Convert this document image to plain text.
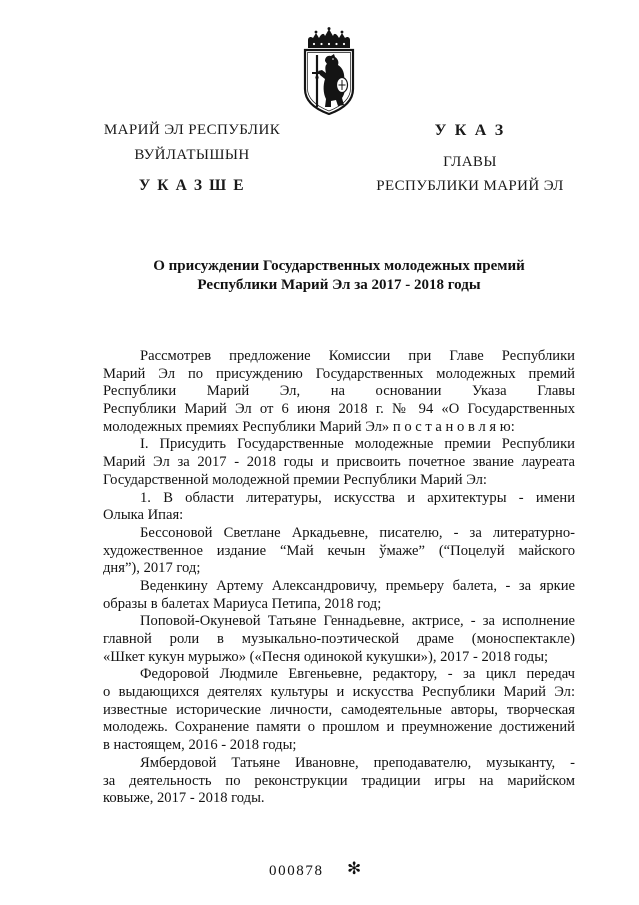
МАРИЙ ЭЛ РЕСПУБЛИК
ВУЙЛАТЫШЫН
У К А З Ш Е
У К А З
ГЛАВЫ
РЕСПУБЛИКИ МАРИЙ ЭЛ
О присуждении Государственных молодежных премий
Республики Марий Эл за 2017 - 2018 годы
Рассмотрев предложение Комиссии при Главе Республики
Марий Эл по присуждению Государственных молодежных премий
Республики Марий Эл, на основании Указа Главы
Республики Марий Эл от 6 июня 2018 г. № 94 «О Государственных
молодежных премиях Республики Марий Эл» п о с т а н о в л я ю:
I. Присудить Государственные молодежные премии Республики
Марий Эл за 2017 - 2018 годы и присвоить почетное звание лауреата
Государственной молодежной премии Республики Марий Эл:
1. В области литературы, искусства и архитектуры - имени
Олыка Ипая:
Бессоновой Светлане Аркадьевне, писателю, - за литературно-
художественное издание “Май кечын ўмаже” (“Поцелуй майского
дня”), 2017 год;
Веденкину Артему Александровичу, премьеру балета, - за яркие
образы в балетах Мариуса Петипа, 2018 год;
Поповой-Окуневой Татьяне Геннадьевне, актрисе, - за исполнение
главной роли в музыкально-поэтической драме (моноспектакле)
«Шкет кукун мурыжо» («Песня одинокой кукушки»), 2017 - 2018 годы;
Федоровой Людмиле Евгеньевне, редактору, - за цикл передач
о выдающихся деятелях культуры и искусства Республики Марий Эл:
известные исторические личности, самодеятельные авторы, творческая
молодежь. Сохранение памяти о прошлом и преумножение достижений
в настоящем, 2016 - 2018 годы;
Ямбердовой Татьяне Ивановне, преподавателю, музыканту, -
за деятельность по реконструкции традиции игры на марийском
ковыже, 2017 - 2018 годы.
000878 ✻
